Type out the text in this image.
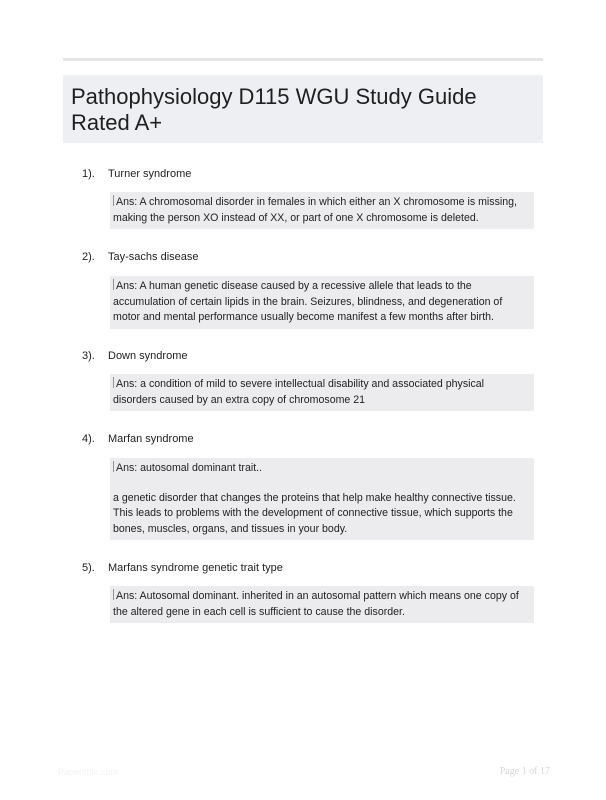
Pathophysiology D115 WGU Study Guide Rated A+
1). Turner syndrome

Ans: A chromosomal disorder in females in which either an X chromosome is missing, making the person XO instead of XX, or part of one X chromosome is deleted.

2). Tay-sachs disease

Ans: A human genetic disease caused by a recessive allele that leads to the accumulation of certain lipids in the brain. Seizures, blindness, and degeneration of motor and mental performance usually become manifest a few months after birth.

3). Down syndrome

Ans: a condition of mild to severe intellectual disability and associated physical disorders caused by an extra copy of chromosome 21

4). Marfan syndrome

Ans: autosomal dominant trait..

a genetic disorder that changes the proteins that help make healthy connective tissue. This leads to problems with the development of connective tissue, which supports the bones, muscles, organs, and tissues in your body.

5). Marfans syndrome genetic trait type

Ans: Autosomal dominant. inherited in an autosomal pattern which means one copy of the altered gene in each cell is sufficient to cause the disorder.

Papertittle.com	Page 1 of 17
